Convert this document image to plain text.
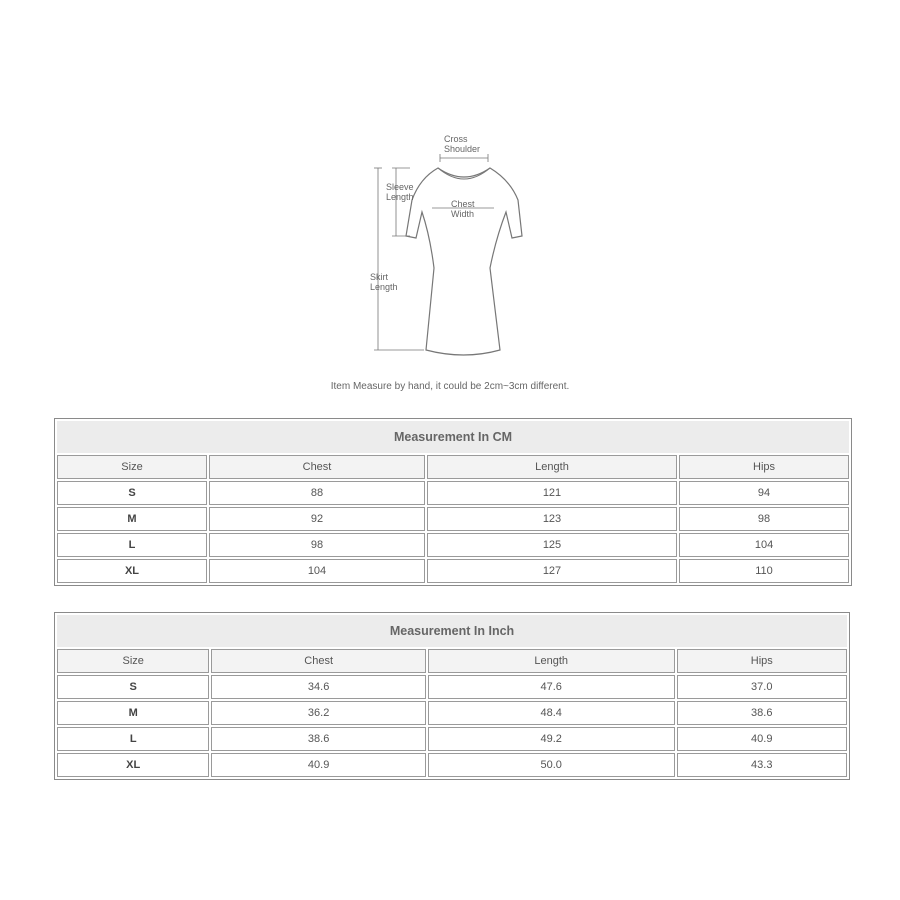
Cross
Shoulder
Sleeve
Length
Chest
Width
Skirt
Length
Item Measure by hand, it could be 2cm~3cm different.
Measurement In CM			
Size	Chest	Length	Hips
S	88	121	94
M	92	123	98
L	98	125	104
XL	104	127	110
Measurement In Inch			
Size	Chest	Length	Hips
S	34.6	47.6	37.0
M	36.2	48.4	38.6
L	38.6	49.2	40.9
XL	40.9	50.0	43.3
